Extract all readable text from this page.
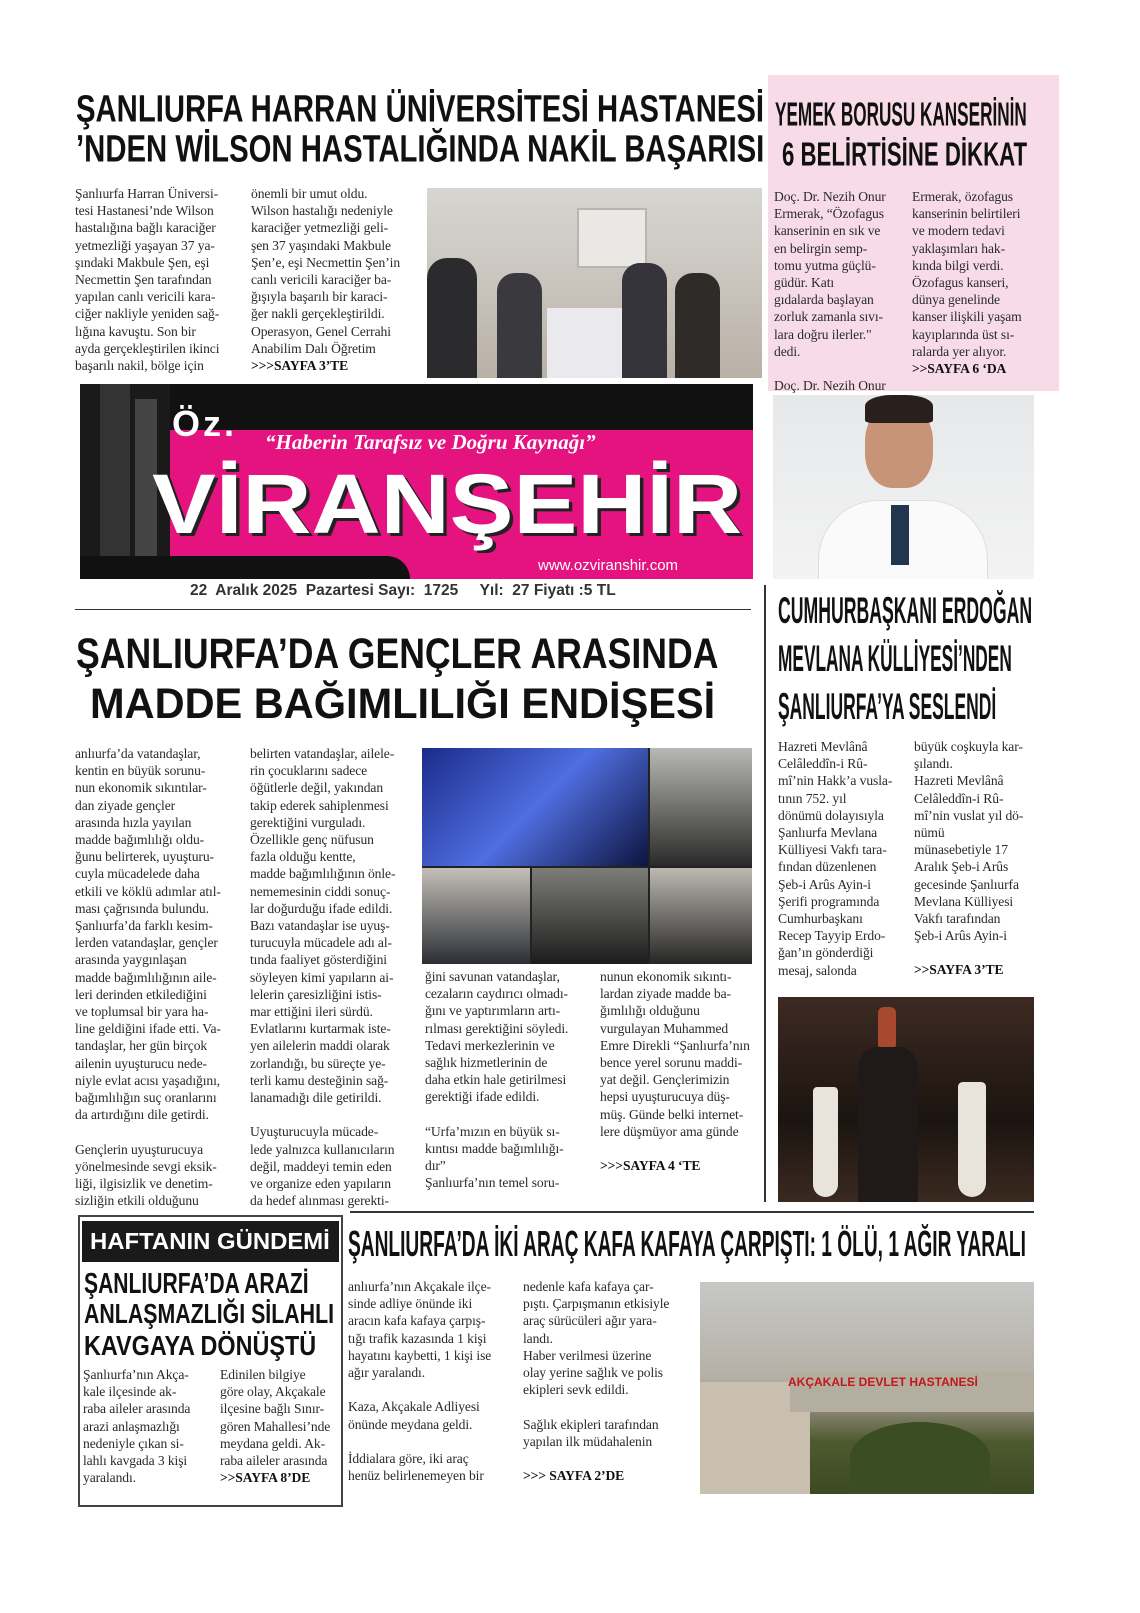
ŞANLIURFA HARRAN ÜNİVERSİTESİ HASTANESİ
’NDEN WİLSON HASTALIĞINDA NAKİL BAŞARISI
Şanlıurfa Harran Üniversi-
tesi Hastanesi’nde Wilson
hastalığına bağlı karaciğer
yetmezliği yaşayan 37 ya-
şındaki Makbule Şen, eşi
Necmettin Şen tarafından
yapılan canlı vericili kara-
ciğer nakliyle yeniden sağ-
lığına kavuştu. Son bir
ayda gerçekleştirilen ikinci
başarılı nakil, bölge için
önemli bir umut oldu.
Wilson hastalığı nedeniyle
karaciğer yetmezliği geli-
şen 37 yaşındaki Makbule
Şen’e, eşi Necmettin Şen’in
canlı vericili karaciğer ba-
ğışıyla başarılı bir karaci-
ğer nakli gerçekleştirildi.
Operasyon, Genel Cerrahi
Anabilim Dalı Öğretim
>>>SAYFA 3’TE
YEMEK BORUSU KANSERİNİN
6 BELİRTİSİNE DİKKAT
Doç. Dr. Nezih Onur
Ermerak, “Özofagus
kanserinin en sık ve
en belirgin semp-
tomu yutma güçlü-
güdür. Katı
gıdalarda başlayan
zorluk zamanla sıvı-
lara doğru ilerler."
dedi.

Doç. Dr. Nezih Onur
Ermerak, özofagus
kanserinin belirtileri
ve modern tedavi
yaklaşımları hak-
kında bilgi verdi.
Özofagus kanseri,
dünya genelinde
kanser ilişkili yaşam
kayıplarında üst sı-
ralarda yer alıyor.
>>SAYFA 6 ‘DA
Öz. “Haberin Tarafsız ve Doğru Kaynağı”
VİRANŞEHİR
www.ozviranshir.com
22  Aralık 2025  Pazartesi Sayı:  1725 Yıl:  27 Fiyatı :5 TL
ŞANLIURFA’DA GENÇLER ARASINDA
MADDE BAĞIMLILIĞI ENDİŞESİ
anlıurfa’da vatandaşlar,
kentin en büyük sorunu-
nun ekonomik sıkıntılar-
dan ziyade gençler
arasında hızla yayılan
madde bağımlılığı oldu-
ğunu belirterek, uyuşturu-
cuyla mücadelede daha
etkili ve köklü adımlar atıl-
ması çağrısında bulundu.
Şanlıurfa’da farklı kesim-
lerden vatandaşlar, gençler
arasında yaygınlaşan
madde bağımlılığının aile-
leri derinden etkilediğini
ve toplumsal bir yara ha-
line geldiğini ifade etti. Va-
tandaşlar, her gün birçok
ailenin uyuşturucu nede-
niyle evlat acısı yaşadığını,
bağımlılığın suç oranlarını
da artırdığını dile getirdi.

Gençlerin uyuşturucuya
yönelmesinde sevgi eksik-
liği, ilgisizlik ve denetim-
sizliğin etkili olduğunu
belirten vatandaşlar, ailele-
rin çocuklarını sadece
öğütlerle değil, yakından
takip ederek sahiplenmesi
gerektiğini vurguladı.
Özellikle genç nüfusun
fazla olduğu kentte,
madde bağımlılığının önle-
nememesinin ciddi sonuç-
lar doğurduğu ifade edildi.
Bazı vatandaşlar ise uyuş-
turucuyla mücadele adı al-
tında faaliyet gösterdiğini
söyleyen kimi yapıların ai-
lelerin çaresizliğini istis-
mar ettiğini ileri sürdü.
Evlatlarını kurtarmak iste-
yen ailelerin maddi olarak
zorlandığı, bu süreçte ye-
terli kamu desteğinin sağ-
lanamadığı dile getirildi.

Uyuşturucuyla mücade-
lede yalnızca kullanıcıların
değil, maddeyi temin eden
ve organize eden yapıların
da hedef alınması gerekti-
ğini savunan vatandaşlar,
cezaların caydırıcı olmadı-
ğını ve yaptırımların artı-
rılması gerektiğini söyledi.
Tedavi merkezlerinin ve
sağlık hizmetlerinin de
daha etkin hale getirilmesi
gerektiği ifade edildi.

“Urfa’mızın en büyük sı-
kıntısı madde bağımlılığı-
dır”
Şanlıurfa’nın temel soru-
nunun ekonomik sıkıntı-
lardan ziyade madde ba-
ğımlılığı olduğunu
vurgulayan Muhammed
Emre Direkli “Şanlıurfa’nın
bence yerel sorunu maddi-
yat değil. Gençlerimizin
hepsi uyuşturucuya düş-
müş. Günde belki internet-
lere düşmüyor ama günde
>>>SAYFA 4 ‘TE
CUMHURBAŞKANI ERDOĞAN
MEVLANA KÜLLİYESİ’NDEN
ŞANLIURFA’YA SESLENDİ
Hazreti Mevlânâ
Celâleddîn-i Rû-
mî’nin Hakk’a vusla-
tının 752. yıl
dönümü dolayısıyla
Şanlıurfa Mevlana
Külliyesi Vakfı tara-
fından düzenlenen
Şeb-i Arûs Ayin-i
Şerifi programında
Cumhurbaşkanı
Recep Tayyip Erdo-
ğan’ın gönderdiği
mesaj, salonda
büyük coşkuyla kar-
şılandı.
Hazreti Mevlânâ
Celâleddîn-i Rû-
mî’nin vuslat yıl dö-
nümü
münasebetiyle 17
Aralık Şeb-i Arûs
gecesinde Şanlıurfa
Mevlana Külliyesi
Vakfı tarafından
Şeb-i Arûs Ayin-i
>>SAYFA 3’TE
HAFTANIN GÜNDEMİ
ŞANLIURFA’DA ARAZİ
ANLAŞMAZLIĞI SİLAHLI
KAVGAYA DÖNÜŞTÜ
Şanlıurfa’nın Akça-
kale ilçesinde ak-
raba aileler arasında
arazi anlaşmazlığı
nedeniyle çıkan si-
lahlı kavgada 3 kişi
yaralandı.
Edinilen bilgiye
göre olay, Akçakale
ilçesine bağlı Sınır-
gören Mahallesi’nde
meydana geldi. Ak-
raba aileler arasında
>>SAYFA 8’DE
ŞANLIURFA’DA İKİ ARAÇ KAFA KAFAYA ÇARPIŞTI: 1 ÖLÜ, 1 AĞIR YARALI
anlıurfa’nın Akçakale ilçe-
sinde adliye önünde iki
aracın kafa kafaya çarpış-
tığı trafik kazasında 1 kişi
hayatını kaybetti, 1 kişi ise
ağır yaralandı.

Kaza, Akçakale Adliyesi
önünde meydana geldi.

İddialara göre, iki araç
henüz belirlenemeyen bir
nedenle kafa kafaya çar-
pıştı. Çarpışmanın etkisiyle
araç sürücüleri ağır yara-
landı.
Haber verilmesi üzerine
olay yerine sağlık ve polis
ekipleri sevk edildi.

Sağlık ekipleri tarafından
yapılan ilk müdahalenin
>>> SAYFA 2’DE
AKÇAKALE DEVLET HASTANESİ
